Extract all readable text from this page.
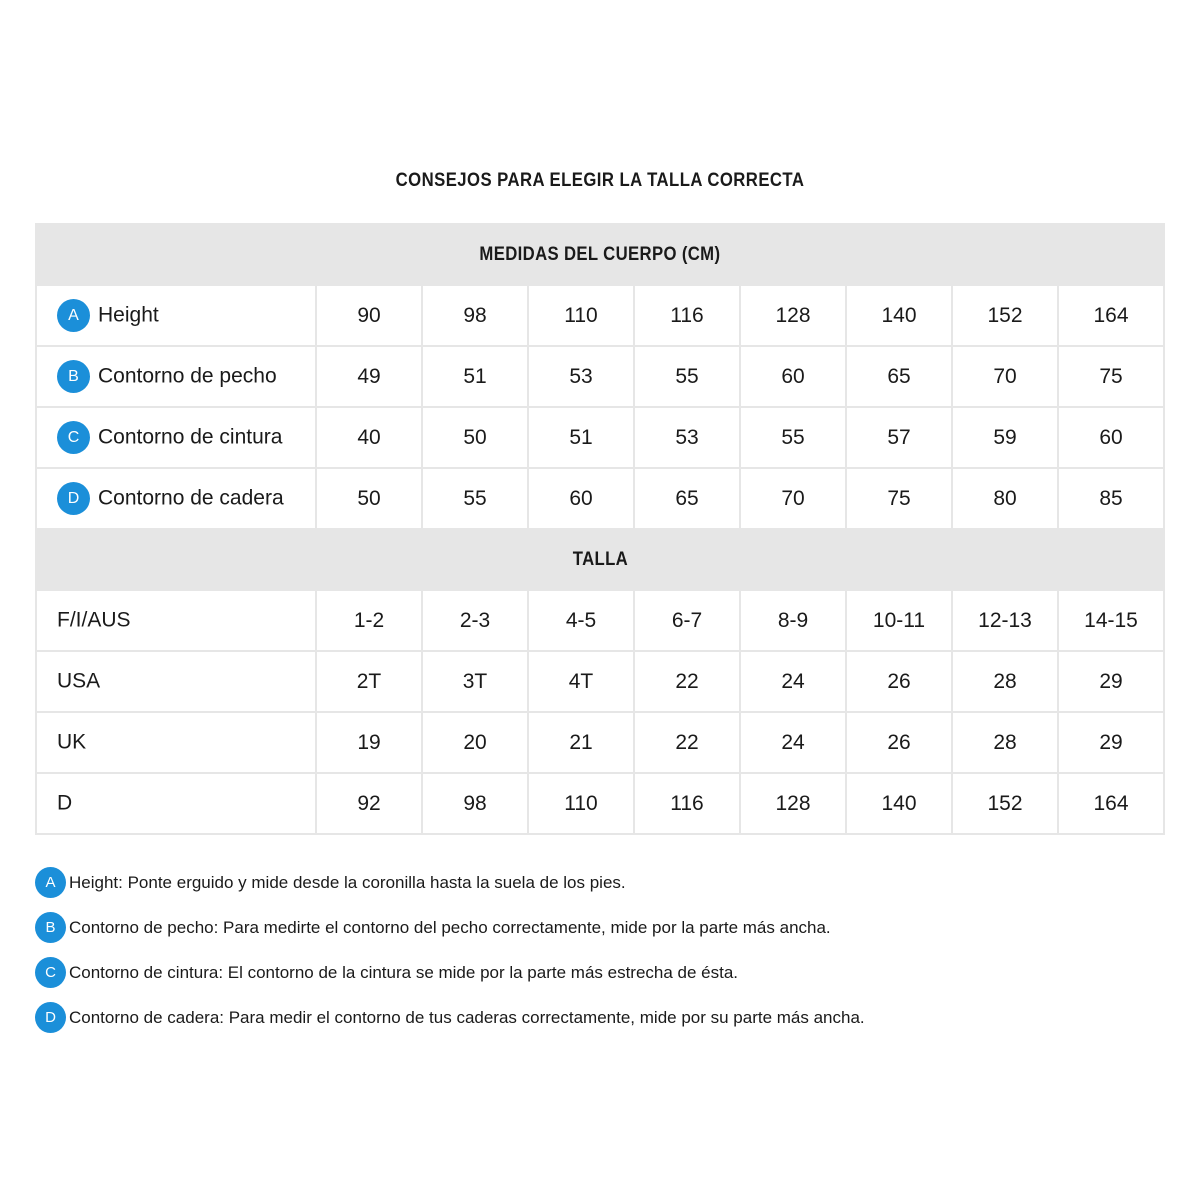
CONSEJOS PARA ELEGIR LA TALLA CORRECTA
MEDIDAS DEL CUERPO (CM)								
A Height	90	98	110	116	128	140	152	164
B Contorno de pecho	49	51	53	55	60	65	70	75
C Contorno de cintura	40	50	51	53	55	57	59	60
D Contorno de cadera	50	55	60	65	70	75	80	85
TALLA								
F/I/AUS	1-2	2-3	4-5	6-7	8-9	10-11	12-13	14-15
USA	2T	3T	4T	22	24	26	28	29
UK	19	20	21	22	24	26	28	29
D	92	98	110	116	128	140	152	164
A Height: Ponte erguido y mide desde la coronilla hasta la suela de los pies.
B Contorno de pecho: Para medirte el contorno del pecho correctamente, mide por la parte más ancha.
C Contorno de cintura: El contorno de la cintura se mide por la parte más estrecha de ésta.
D Contorno de cadera: Para medir el contorno de tus caderas correctamente, mide por su parte más ancha.
